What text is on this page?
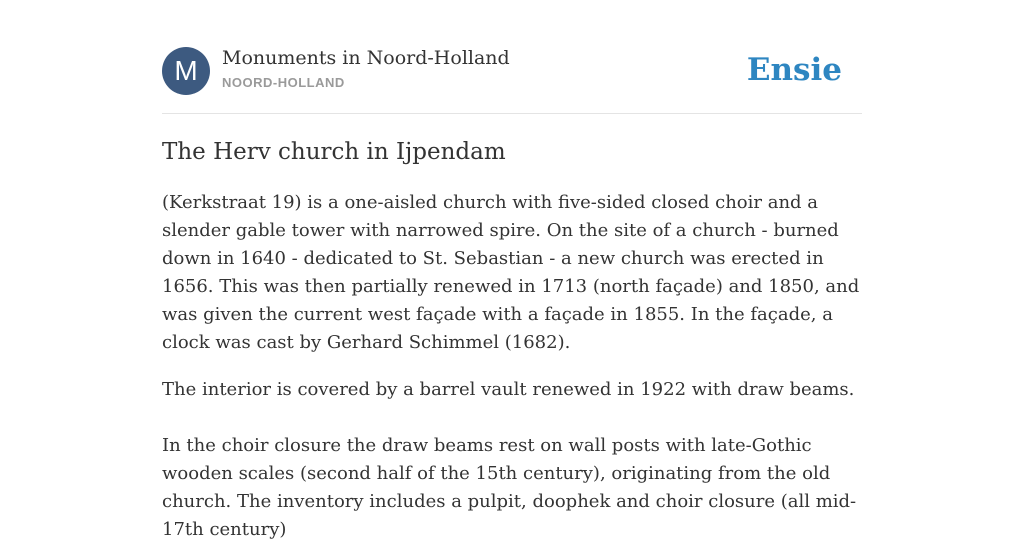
M	Monuments in Noord-Holland
NOORD-HOLLAND	Ensie
The Herv church in Ijpendam

(Kerkstraat 19) is a one-aisled church with five-sided closed choir and a slender gable tower with narrowed spire. On the site of a church - burned down in 1640 - dedicated to St. Sebastian - a new church was erected in 1656. This was then partially renewed in 1713 (north façade) and 1850, and was given the current west façade with a façade in 1855. In the façade, a clock was cast by Gerhard Schimmel (1682).

The interior is covered by a barrel vault renewed in 1922 with draw beams.

In the choir closure the draw beams rest on wall posts with late-Gothic wooden scales (second half of the 15th century), originating from the old church. The inventory includes a pulpit, doophek and choir closure (all mid-17th century)
